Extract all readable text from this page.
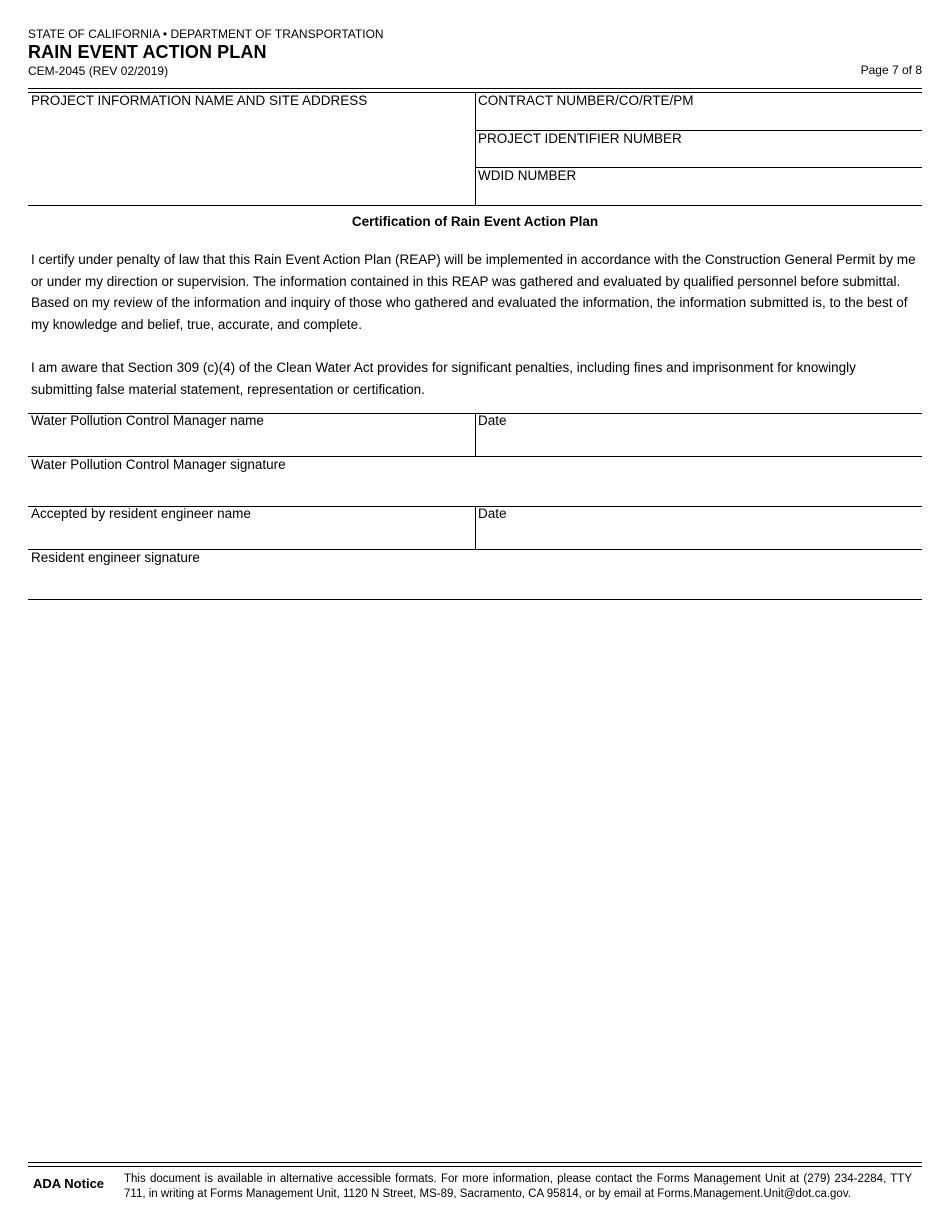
STATE OF CALIFORNIA • DEPARTMENT OF TRANSPORTATION
RAIN EVENT ACTION PLAN
CEM-2045 (REV 02/2019)	Page 7 of 8
PROJECT INFORMATION NAME AND SITE ADDRESS	CONTRACT NUMBER/CO/RTE/PM
PROJECT IDENTIFIER NUMBER
WDID NUMBER
Certification of Rain Event Action Plan
I certify under penalty of law that this Rain Event Action Plan (REAP) will be implemented in accordance with the Construction General Permit by me or under my direction or supervision. The information contained in this REAP was gathered and evaluated by qualified personnel before submittal. Based on my review of the information and inquiry of those who gathered and evaluated the information, the information submitted is, to the best of my knowledge and belief, true, accurate, and complete.
I am aware that Section 309 (c)(4) of the Clean Water Act provides for significant penalties, including fines and imprisonment for knowingly submitting false material statement, representation or certification.
Water Pollution Control Manager name	Date
Water Pollution Control Manager signature
Accepted by resident engineer name	Date
Resident engineer signature
ADA Notice This document is available in alternative accessible formats. For more information, please contact the Forms Management Unit at (279) 234-2284, TTY 711, in writing at Forms Management Unit, 1120 N Street, MS-89, Sacramento, CA 95814, or by email at Forms.Management.Unit@dot.ca.gov.
